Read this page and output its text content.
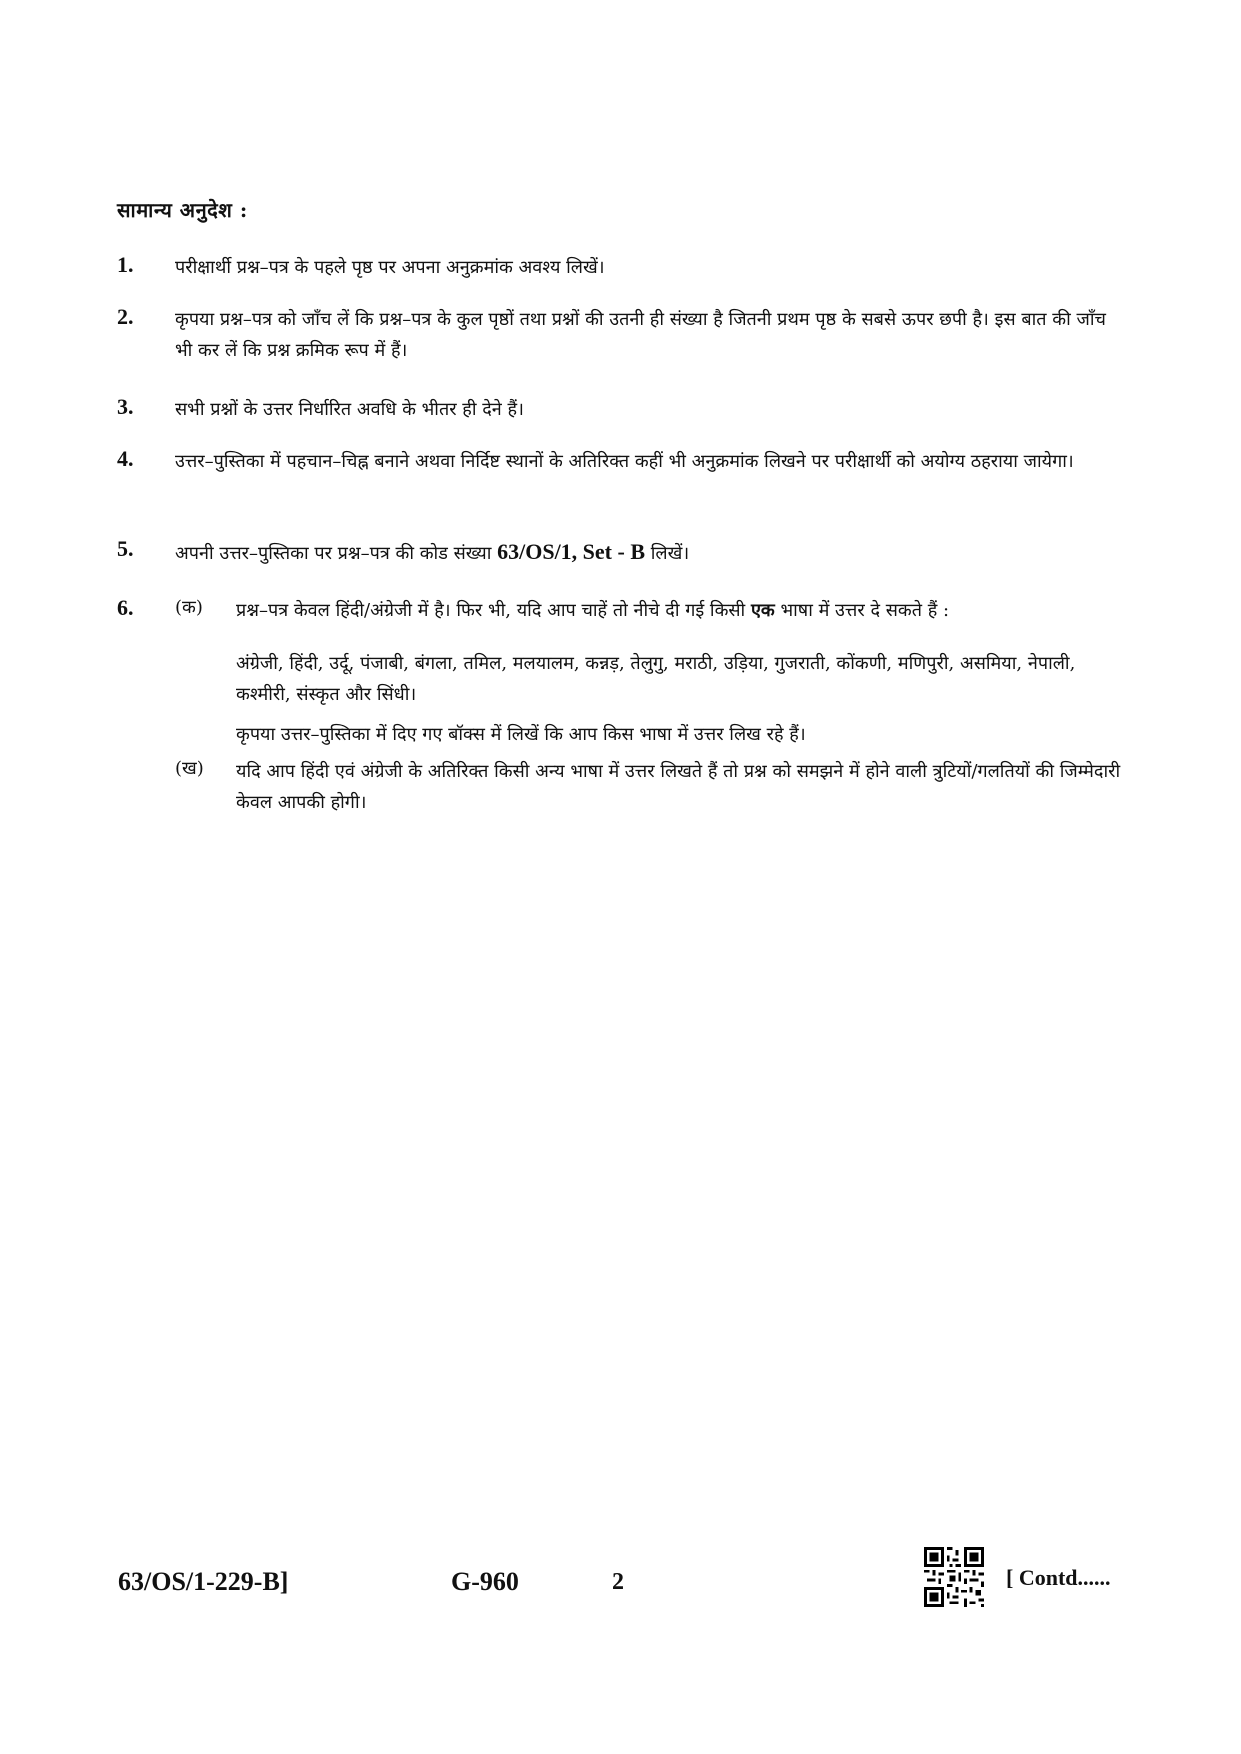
सामान्य अनुदेश :
1. परीक्षार्थी प्रश्न–पत्र के पहले पृष्ठ पर अपना अनुक्रमांक अवश्य लिखें।
2. कृपया प्रश्न–पत्र को जाँच लें कि प्रश्न–पत्र के कुल पृष्ठों तथा प्रश्नों की उतनी ही संख्या है जितनी प्रथम पृष्ठ के सबसे ऊपर छपी है। इस बात की जाँच भी कर लें कि प्रश्न क्रमिक रूप में हैं।
3. सभी प्रश्नों के उत्तर निर्धारित अवधि के भीतर ही देने हैं।
4. उत्तर–पुस्तिका में पहचान–चिह्न बनाने अथवा निर्दिष्ट स्थानों के अतिरिक्त कहीं भी अनुक्रमांक लिखने पर परीक्षार्थी को अयोग्य ठहराया जायेगा।
5. अपनी उत्तर–पुस्तिका पर प्रश्न–पत्र की कोड संख्या 63/OS/1, Set - B लिखें।
6. (क) प्रश्न–पत्र केवल हिंदी/अंग्रेजी में है। फिर भी, यदि आप चाहें तो नीचे दी गई किसी एक भाषा में उत्तर दे सकते हैं :
अंग्रेजी, हिंदी, उर्दू, पंजाबी, बंगला, तमिल, मलयालम, कन्नड़, तेलुगु, मराठी, उड़िया, गुजराती, कोंकणी, मणिपुरी, असमिया, नेपाली, कश्मीरी, संस्कृत और सिंधी।
कृपया उत्तर–पुस्तिका में दिए गए बॉक्स में लिखें कि आप किस भाषा में उत्तर लिख रहे हैं।
(ख) यदि आप हिंदी एवं अंग्रेजी के अतिरिक्त किसी अन्य भाषा में उत्तर लिखते हैं तो प्रश्न को समझने में होने वाली त्रुटियों/गलतियों की जिम्मेदारी केवल आपकी होगी।
63/OS/1-229-B]	G-960	2	[ Contd......
